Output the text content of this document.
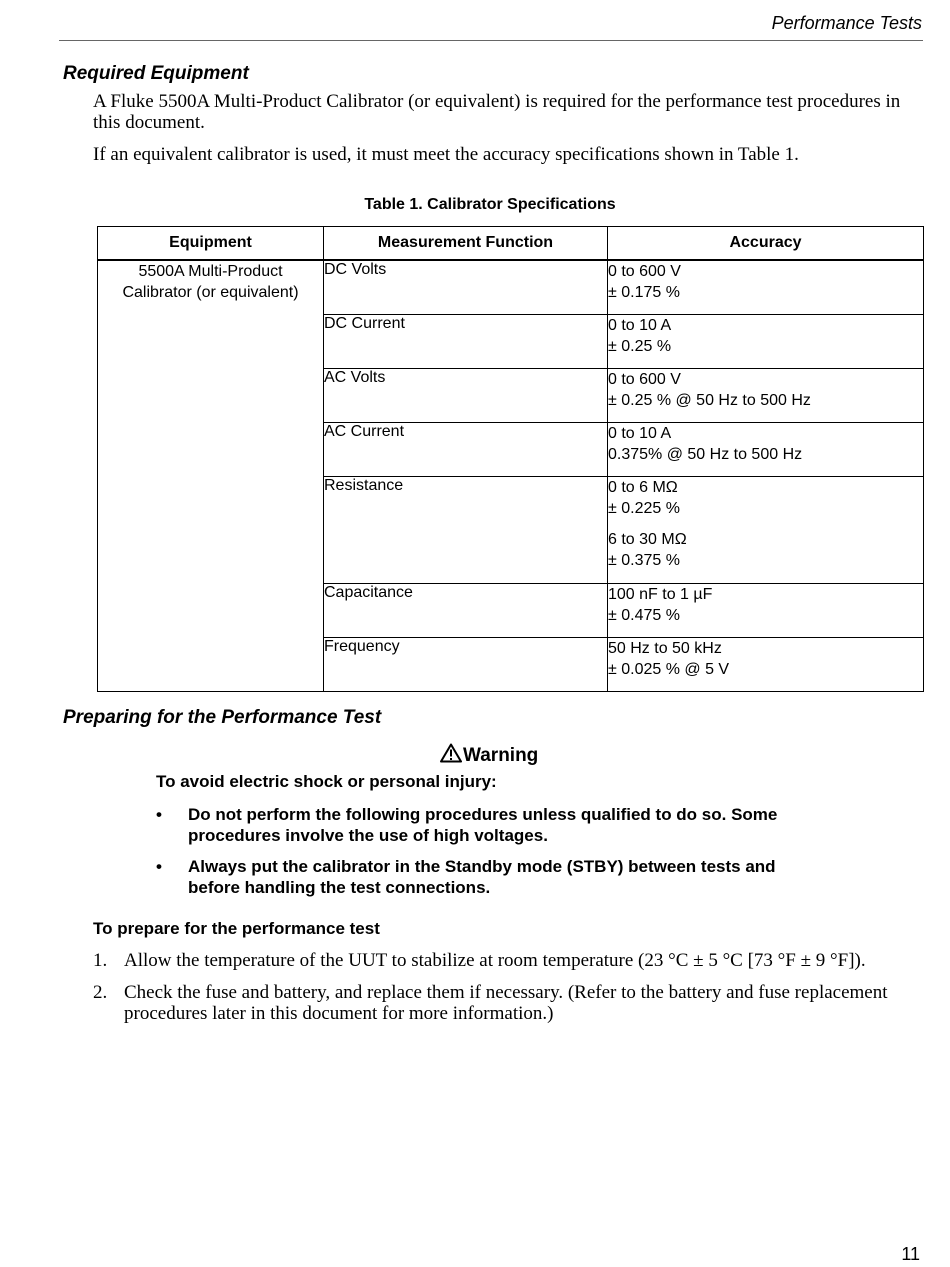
Performance Tests
Required Equipment
A Fluke 5500A Multi-Product Calibrator (or equivalent) is required for the performance test procedures in this document.
If an equivalent calibrator is used, it must meet the accuracy specifications shown in Table 1.
Table 1. Calibrator Specifications
Equipment	Measurement Function	Accuracy

5500A Multi-Product
Calibrator (or equivalent)	DC Volts	0 to 600 V
± 0.175 %

	DC Current	0 to 10 A
± 0.25 %

	AC Volts	0 to 600 V
± 0.25 % @ 50 Hz to 500 Hz

	AC Current	0 to 10 A
0.375% @ 50 Hz to 500 Hz

	Resistance	0 to 6 MΩ
± 0.225 %
6 to 30 MΩ
± 0.375 %

	Capacitance	100 nF to 1 µF
± 0.475 %

	Frequency	50 Hz to 50 kHz
± 0.025 % @ 5 V
Preparing for the Performance Test
Warning
To avoid electric shock or personal injury:
• Do not perform the following procedures unless qualified to do so. Some procedures involve the use of high voltages.
• Always put the calibrator in the Standby mode (STBY) between tests and before handling the test connections.
To prepare for the performance test
1. Allow the temperature of the UUT to stabilize at room temperature (23 °C ± 5 °C [73 °F ± 9 °F]).
2. Check the fuse and battery, and replace them if necessary. (Refer to the battery and fuse replacement procedures later in this document for more information.)
11
